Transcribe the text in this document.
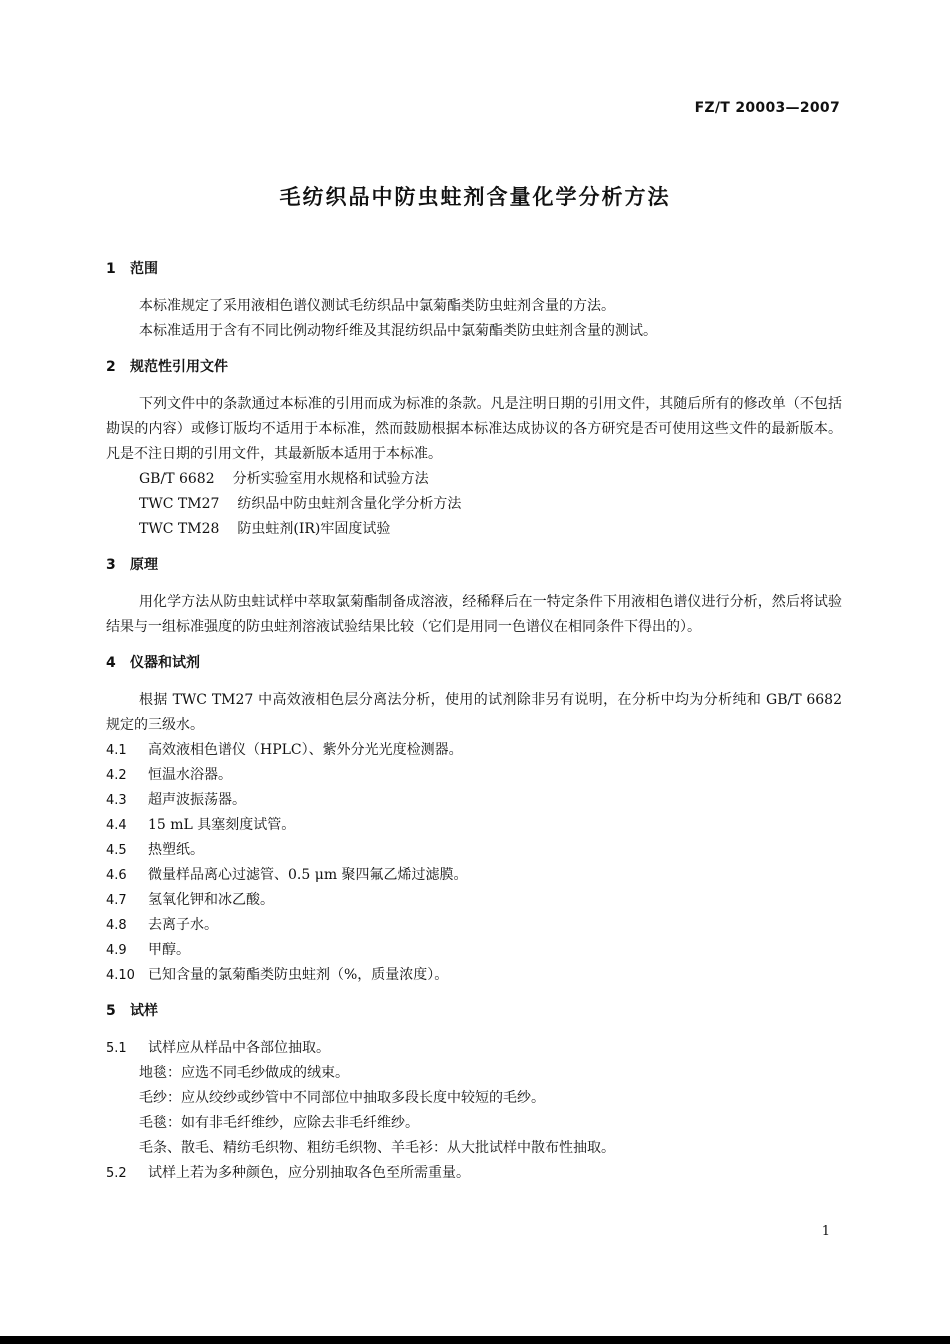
FZ/T 20003—2007
毛纺织品中防虫蛀剂含量化学分析方法
1 范围

本标准规定了采用液相色谱仪测试毛纺织品中氯菊酯类防虫蛀剂含量的方法。

本标准适用于含有不同比例动物纤维及其混纺织品中氯菊酯类防虫蛀剂含量的测试。

2 规范性引用文件

下列文件中的条款通过本标准的引用而成为标准的条款。凡是注明日期的引用文件，其随后所有的修改单（不包括勘误的内容）或修订版均不适用于本标准，然而鼓励根据本标准达成协议的各方研究是否可使用这些文件的最新版本。凡是不注日期的引用文件，其最新版本适用于本标准。

GB/T 6682 分析实验室用水规格和试验方法
TWC TM27 纺织品中防虫蛀剂含量化学分析方法
TWC TM28 防虫蛀剂(IR)牢固度试验
3 原理

用化学方法从防虫蛀试样中萃取氯菊酯制备成溶液，经稀释后在一特定条件下用液相色谱仪进行分析，然后将试验结果与一组标准强度的防虫蛀剂溶液试验结果比较（它们是用同一色谱仪在相同条件下得出的）。

4 仪器和试剂

根据 TWC TM27 中高效液相色层分离法分析，使用的试剂除非另有说明，在分析中均为分析纯和 GB/T 6682 规定的三级水。

4.1 高效液相色谱仪（HPLC）、紫外分光光度检测器。
4.2 恒温水浴器。
4.3 超声波振荡器。
4.4 15 mL 具塞刻度试管。
4.5 热塑纸。
4.6 微量样品离心过滤管、0.5 μm 聚四氟乙烯过滤膜。
4.7 氢氧化钾和冰乙酸。
4.8 去离子水。
4.9 甲醇。
4.10 已知含量的氯菊酯类防虫蛀剂（%，质量浓度）。
5 试样
5.1 试样应从样品中各部位抽取。
地毯：应选不同毛纱做成的绒束。
毛纱：应从绞纱或纱管中不同部位中抽取多段长度中较短的毛纱。
毛毯：如有非毛纤维纱，应除去非毛纤维纱。
毛条、散毛、精纺毛织物、粗纺毛织物、羊毛衫：从大批试样中散布性抽取。
5.2 试样上若为多种颜色，应分别抽取各色至所需重量。
1
